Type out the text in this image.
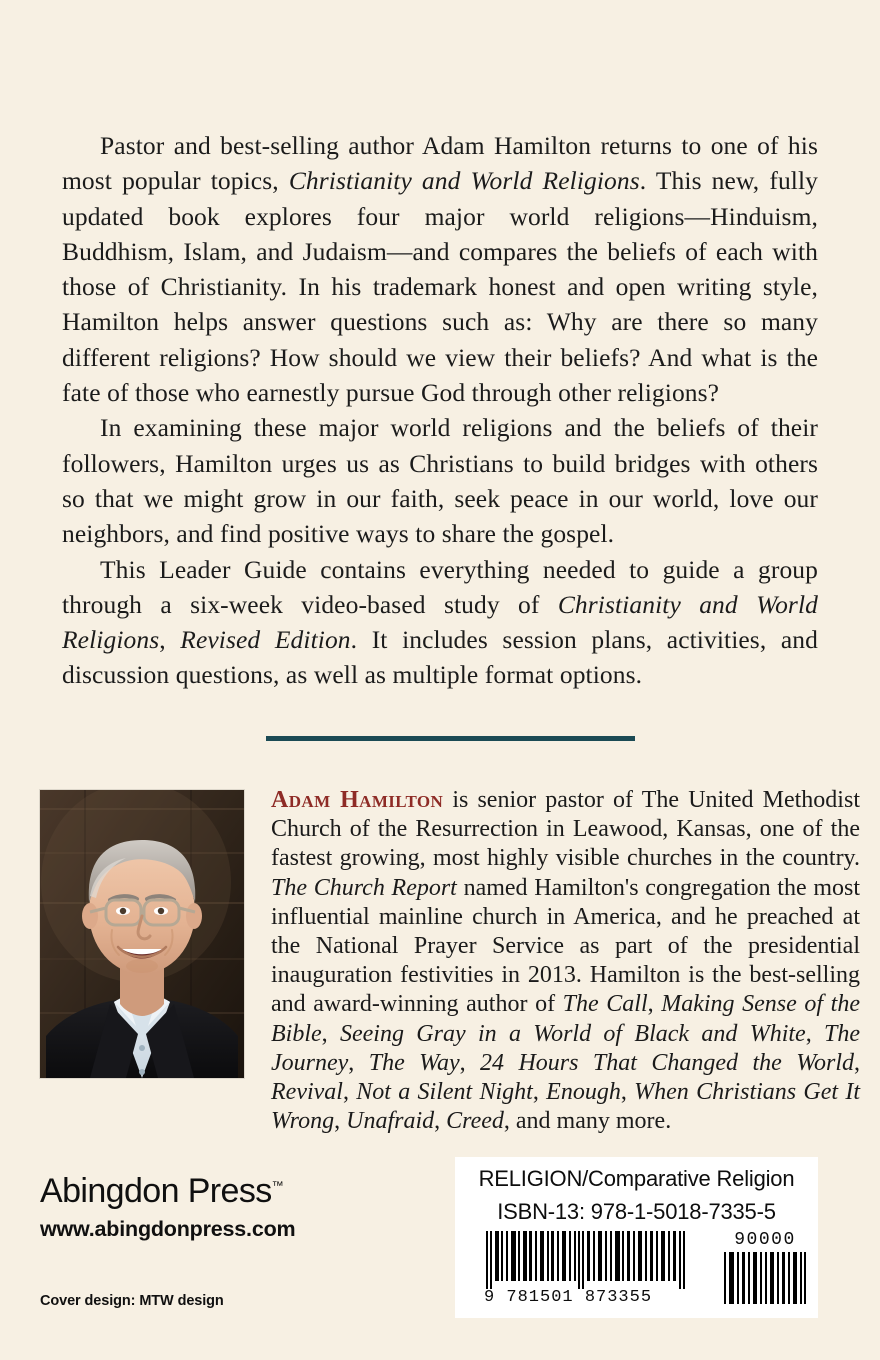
Pastor and best-selling author Adam Hamilton returns to one of his most popular topics, Christianity and World Religions. This new, fully updated book explores four major world religions—Hinduism, Buddhism, Islam, and Judaism—and compares the beliefs of each with those of Christianity. In his trademark honest and open writing style, Hamilton helps answer questions such as: Why are there so many different religions? How should we view their beliefs? And what is the fate of those who earnestly pursue God through other religions?

In examining these major world religions and the beliefs of their followers, Hamilton urges us as Christians to build bridges with others so that we might grow in our faith, seek peace in our world, love our neighbors, and find positive ways to share the gospel.

This Leader Guide contains everything needed to guide a group through a six-week video-based study of Christianity and World Religions, Revised Edition. It includes session plans, activities, and discussion questions, as well as multiple format options.

Adam Hamilton is senior pastor of The United Methodist Church of the Resurrection in Leawood, Kansas, one of the fastest growing, most highly visible churches in the country. The Church Report named Hamilton's congregation the most influential mainline church in America, and he preached at the National Prayer Service as part of the presidential inauguration festivities in 2013. Hamilton is the best-selling and award-winning author of The Call, Making Sense of the Bible, Seeing Gray in a World of Black and White, The Journey, The Way, 24 Hours That Changed the World, Revival, Not a Silent Night, Enough, When Christians Get It Wrong, Unafraid, Creed, and many more.

Abingdon Press™
www.abingdonpress.com
Cover design: MTW design
RELIGION/Comparative Religion
ISBN-13: 978-1-5018-7335-5
9 781501 873355
90000
